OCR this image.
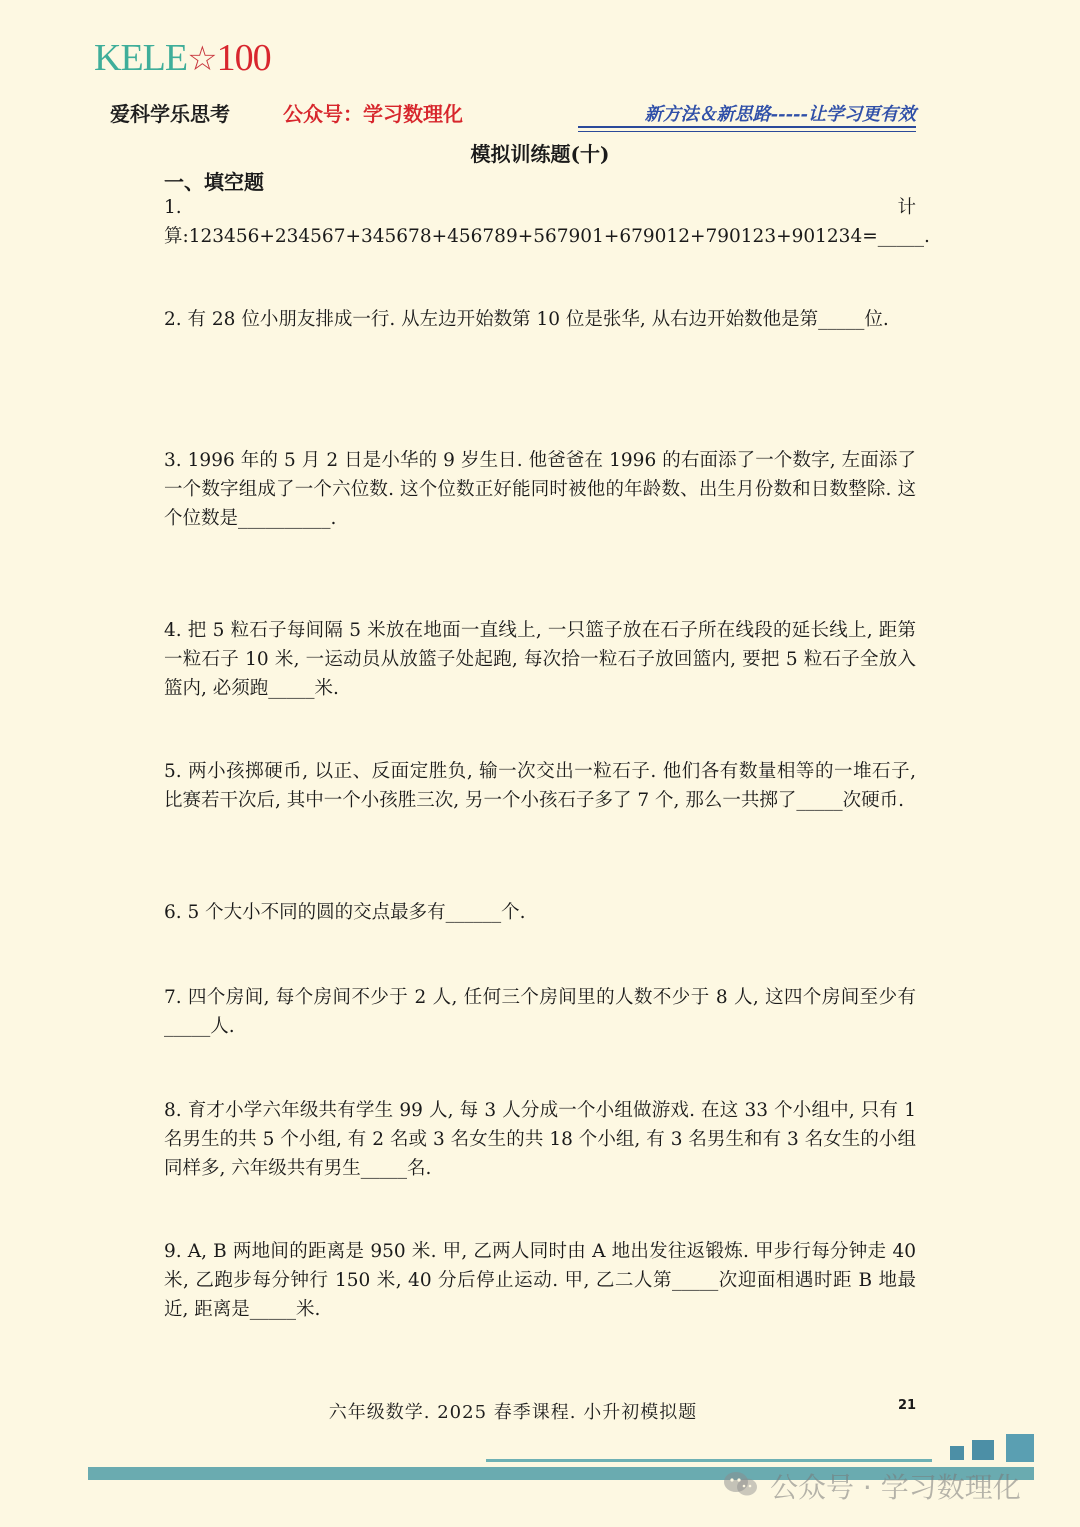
KELE☆100
爱科学乐思考	公众号：学习数理化	新方法＆新思路-----让学习更有效
模拟训练题(十)
一、填空题
1. 计算:123456+234567+345678+456789+567901+679012+790123+901234=_____.
2. 有 28 位小朋友排成一行. 从左边开始数第 10 位是张华, 从右边开始数他是第_____位.
3. 1996 年的 5 月 2 日是小华的 9 岁生日. 他爸爸在 1996 的右面添了一个数字, 左面添了一个数字组成了一个六位数. 这个位数正好能同时被他的年龄数、出生月份数和日数整除. 这个位数是__________.
4. 把 5 粒石子每间隔 5 米放在地面一直线上, 一只篮子放在石子所在线段的延长线上, 距第一粒石子 10 米, 一运动员从放篮子处起跑, 每次拾一粒石子放回篮内, 要把 5 粒石子全放入篮内, 必须跑_____米.
5. 两小孩掷硬币, 以正、反面定胜负, 输一次交出一粒石子. 他们各有数量相等的一堆石子, 比赛若干次后, 其中一个小孩胜三次, 另一个小孩石子多了 7 个, 那么一共掷了_____次硬币.
6. 5 个大小不同的圆的交点最多有______个.
7. 四个房间, 每个房间不少于 2 人, 任何三个房间里的人数不少于 8 人, 这四个房间至少有_____人.
8. 育才小学六年级共有学生 99 人, 每 3 人分成一个小组做游戏. 在这 33 个小组中, 只有 1 名男生的共 5 个小组, 有 2 名或 3 名女生的共 18 个小组, 有 3 名男生和有 3 名女生的小组同样多, 六年级共有男生_____名.
9. A, B 两地间的距离是 950 米. 甲, 乙两人同时由 A 地出发往返锻炼. 甲步行每分钟走 40 米, 乙跑步每分钟行 150 米, 40 分后停止运动. 甲, 乙二人第_____次迎面相遇时距 B 地最近, 距离是_____米.
六年级数学. 2025 春季课程. 小升初模拟题	21
公众号 · 学习数理化
